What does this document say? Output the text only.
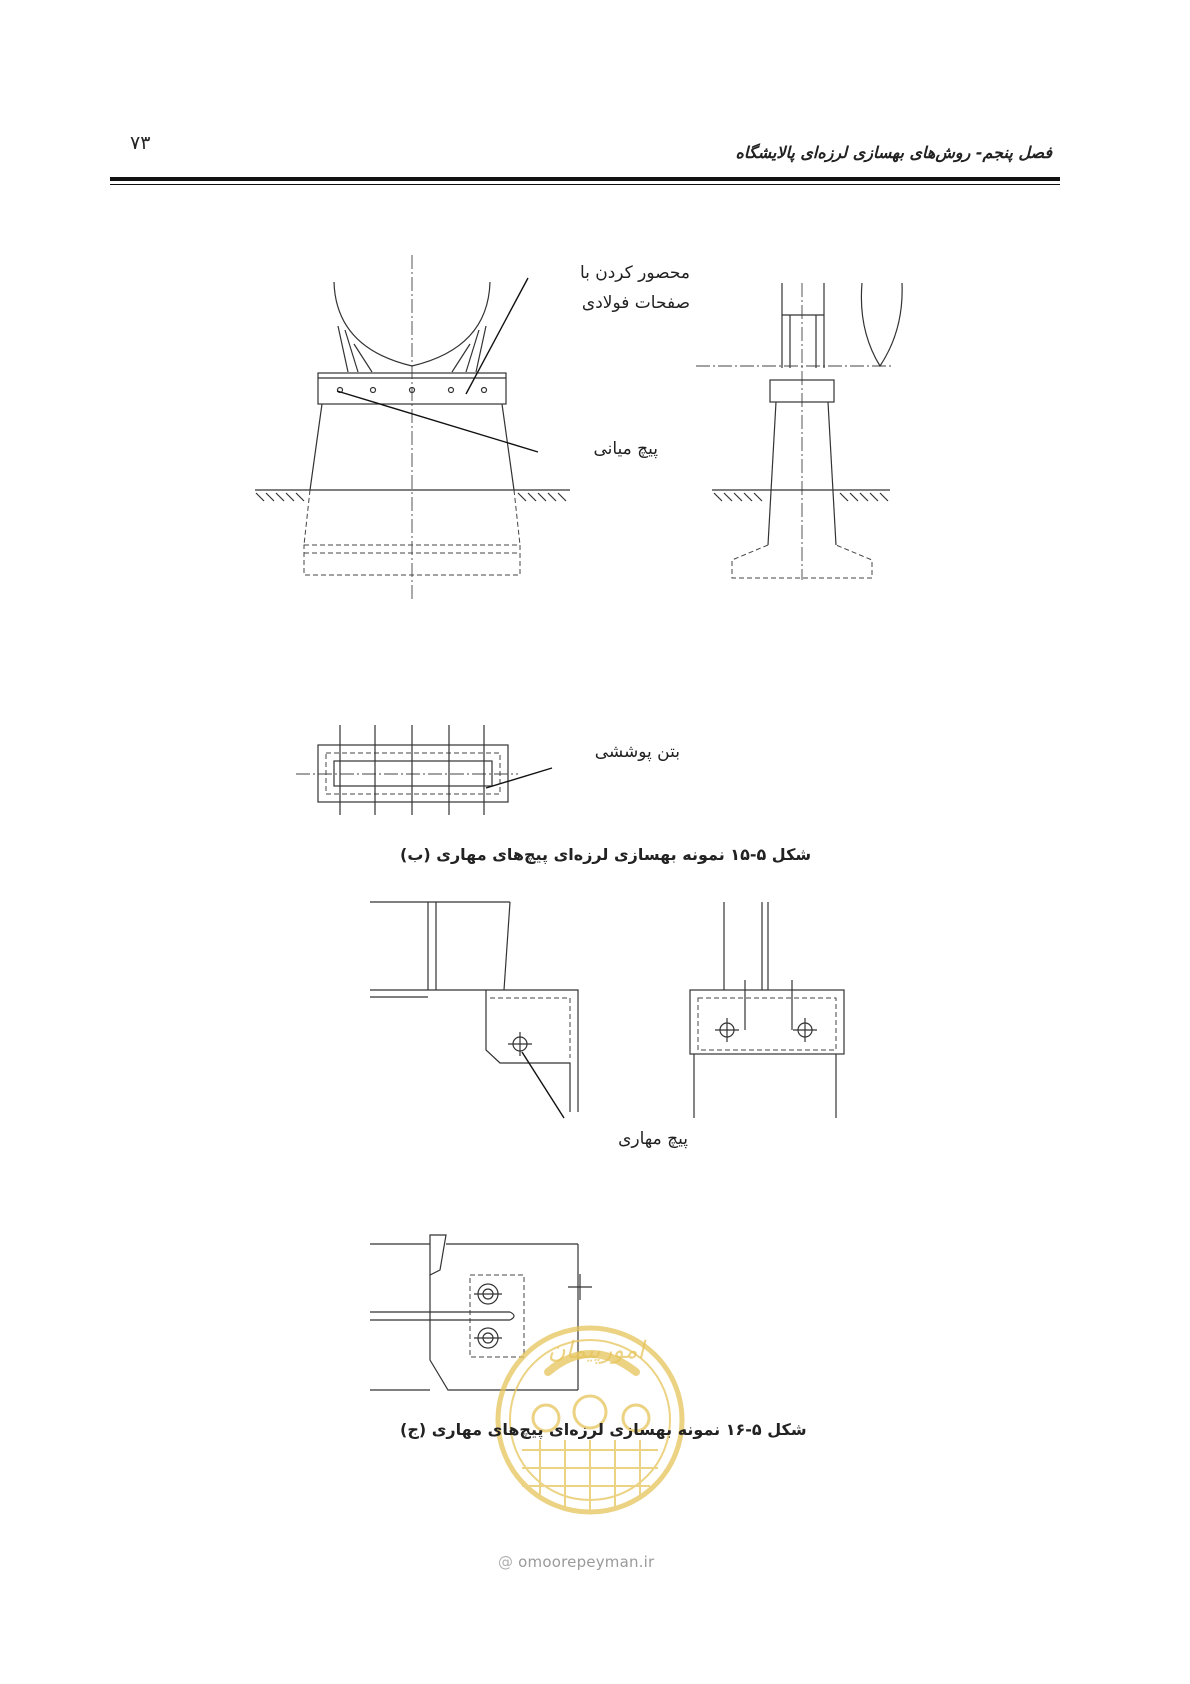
۷۳	فصل پنجم- روش‌های بهسازی لرزه‌ای پالایشگاه
محصور کردن با
صفحات فولادی
پیچ میانی
بتن پوششی
شکل ۵-۱۵ نمونه بهسازی لرزه‌ای پیچ‌های مهاری (ب)
پیچ مهاری
شکل ۵-۱۶ نمونه بهسازی لرزه‌ای پیچ‌های مهاری (ج)
@ omoorepeyman.ir
امورپیمان
